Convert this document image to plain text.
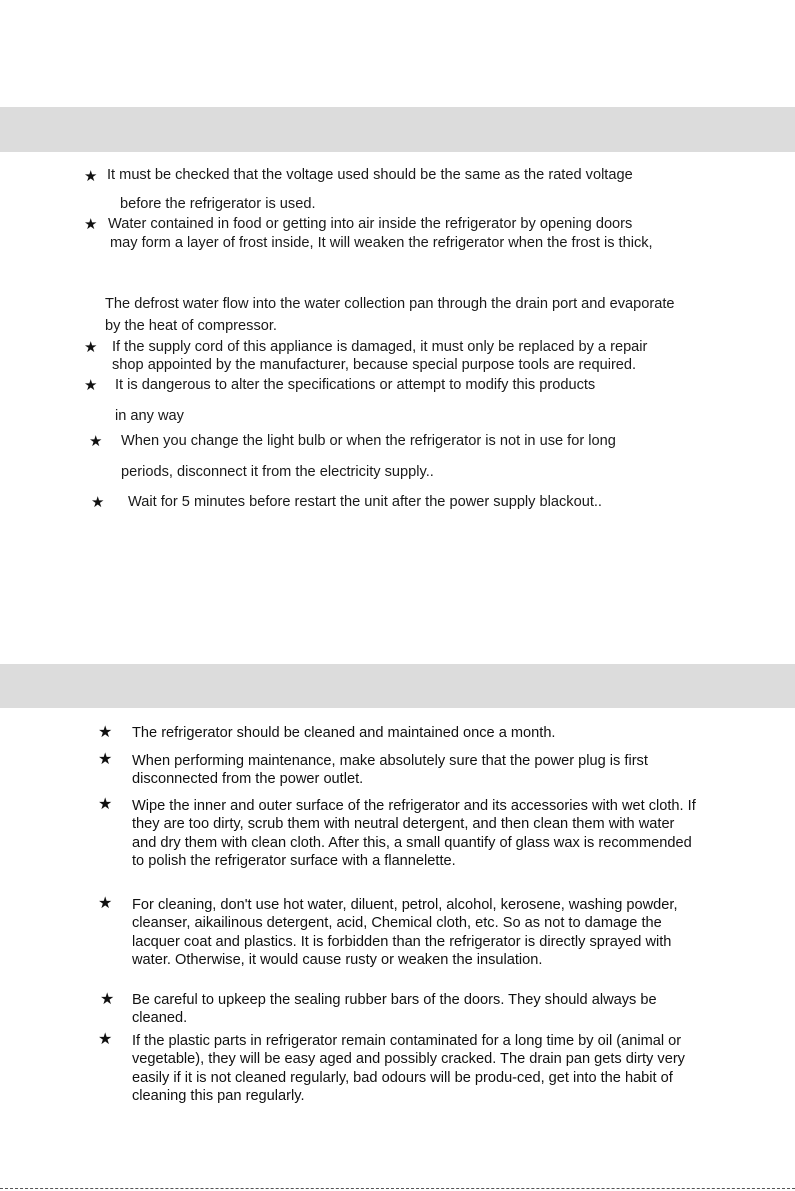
★ It must be checked that the voltage used should be the same as the rated voltage

before the refrigerator is used.

★ Water contained in food or getting into air inside the refrigerator by opening doors

may form a layer of frost inside, It will weaken the refrigerator when the frost is thick,

The defrost water flow into the water collection pan through the drain port and evaporate

by the heat of compressor.

★ If the supply cord of this appliance is damaged, it must only be replaced by a repair

shop appointed by the manufacturer, because special purpose tools are required.

★ It is dangerous to alter the specifications or attempt to modify this products

in any way

★ When you change the light bulb or when the refrigerator is not in use for long

periods, disconnect it from the electricity supply..

★ Wait for 5 minutes before restart the unit after the power supply blackout..

★ The refrigerator should be cleaned and maintained once a month.

★ When performing maintenance, make absolutely sure that the power plug is first disconnected from the power outlet.

★ Wipe the inner and outer surface of the refrigerator and its accessories with wet cloth. If they are too dirty, scrub them with neutral detergent, and then clean them with water and dry them with clean cloth. After this, a small quantify of glass wax is recommended to polish the refrigerator surface with a flannelette.

★ For cleaning, don't use hot water, diluent, petrol, alcohol, kerosene, washing powder, cleanser, aikailinous detergent, acid, Chemical cloth, etc. So as not to damage the lacquer coat and plastics. It is forbidden than the refrigerator is directly sprayed with water. Otherwise, it would cause rusty or weaken the insulation.

★ Be careful to upkeep the sealing rubber bars of the doors. They should always be cleaned.

★ If the plastic parts in refrigerator remain contaminated for a long time by oil (animal or vegetable), they will be easy aged and possibly cracked. The drain pan gets dirty very easily if it is not cleaned regularly, bad odours will be produ-ced, get into the habit of cleaning this pan regularly.
